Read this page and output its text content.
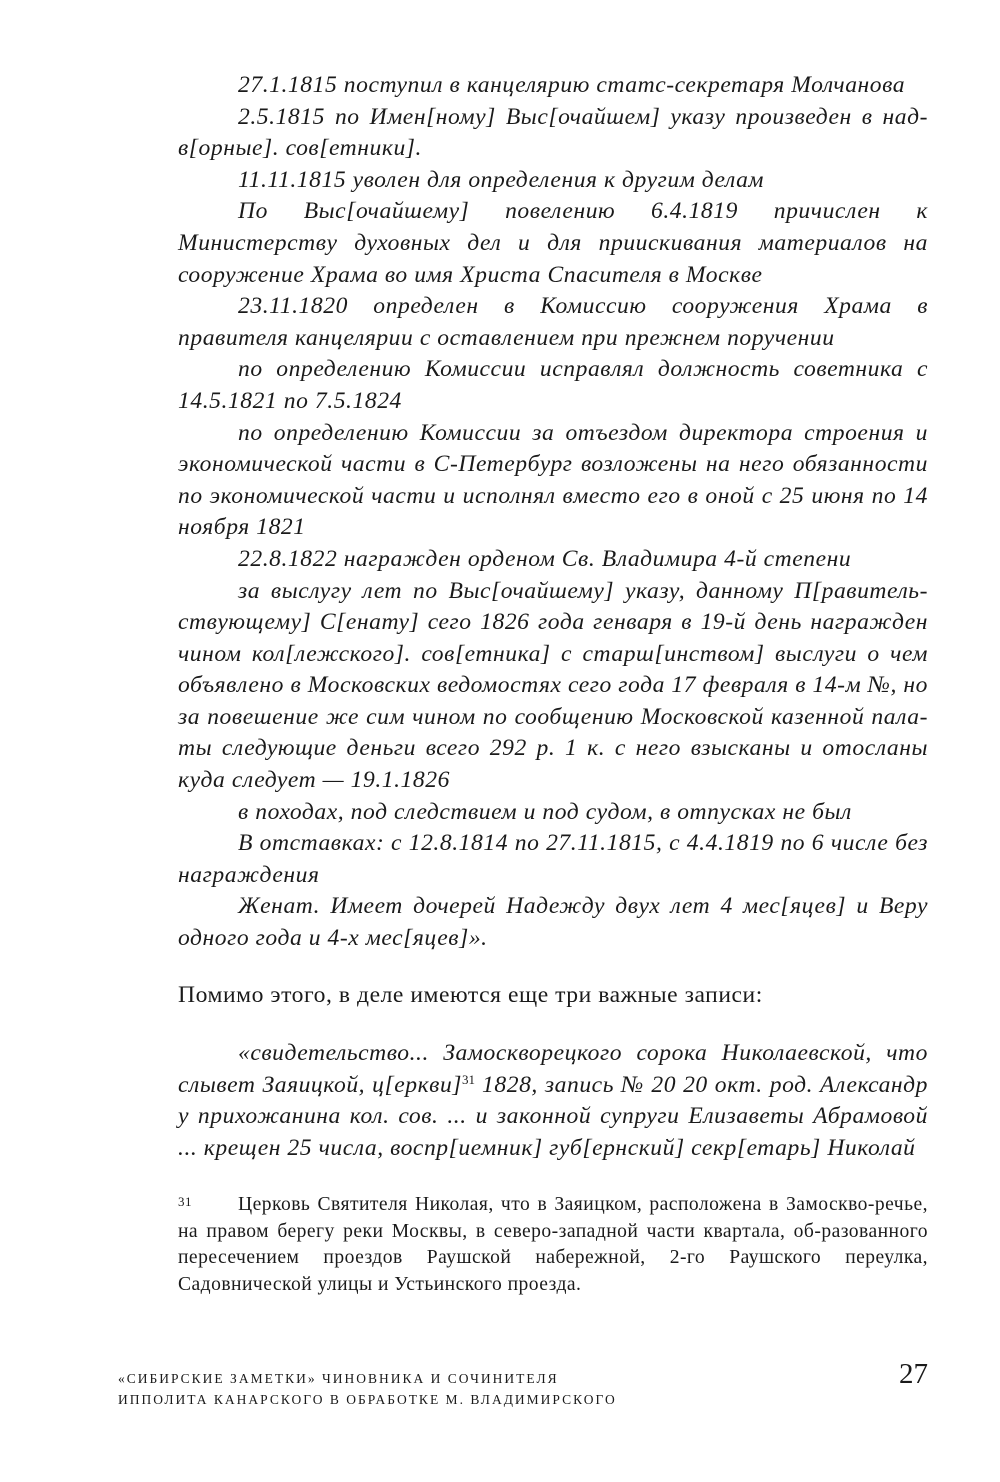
27.1.1815 поступил в канцелярию статс-секретаря Молчанова

2.5.1815 по Имен[ному] Выс[очайшем] указу произведен в над-в[орные]. сов[етники].

11.11.1815 уволен для определения к другим делам

По Выс[очайшему] повелению 6.4.1819 причислен к Министерству духовных дел и для приискивания материалов на сооружение Храма во имя Христа Спасителя в Москве

23.11.1820 определен в Комиссию сооружения Храма в правителя канцелярии с оставлением при прежнем поручении

по определению Комиссии исправлял должность советника с 14.5.1821 по 7.5.1824

по определению Комиссии за отъездом директора строения и экономической части в С-Петербург возложены на него обязанности по экономической части и исполнял вместо его в оной с 25 июня по 14 ноября 1821

22.8.1822 награжден орденом Св. Владимира 4-й степени

за выслугу лет по Выс[очайшему] указу, данному П[равитель-ствующему] С[енату] сего 1826 года генваря в 19-й день награжден чином кол[лежского]. сов[етника] с старш[инством] выслуги о чем объявлено в Московских ведомостях сего года 17 февраля в 14-м №, но за повешение же сим чином по сообщению Московской казенной пала-ты следующие деньги всего 292 р. 1 к. с него взысканы и отосланы куда следует — 19.1.1826

в походах, под следствием и под судом, в отпусках не был

В отставках: с 12.8.1814 по 27.11.1815, с 4.4.1819 по 6 числе без награждения

Женат. Имеет дочерей Надежду двух лет 4 мес[яцев] и Веру одного года и 4-х мес[яцев]».

Помимо этого, в деле имеются еще три важные записи:

«свидетельство... Замоскворецкого сорока Николаевской, что слывет Заяицкой, ц[еркви]$^{31}$ 1828, запись № 20 20 окт. род. Александр у прихожанина кол. сов. ... и законной супруги Елизаветы Абрамовой ... крещен 25 числа, воспр[иемник] губ[ернский] секр[етарь] Николай

31	Церковь Святителя Николая, что в Заяицком, расположена в Замоскво-речье, на правом берегу реки Москвы, в северо-западной части квартала, об-разованного пересечением проездов Раушской набережной, 2-го Раушского переулка, Садовнической улицы и Устьинского проезда.
«СИБИРСКИЕ ЗАМЕТКИ» ЧИНОВНИКА И СОЧИНИТЕЛЯ
ИППОЛИТА КАНАРСКОГО В ОБРАБОТКЕ М. ВЛАДИМИРСКОГО
27
